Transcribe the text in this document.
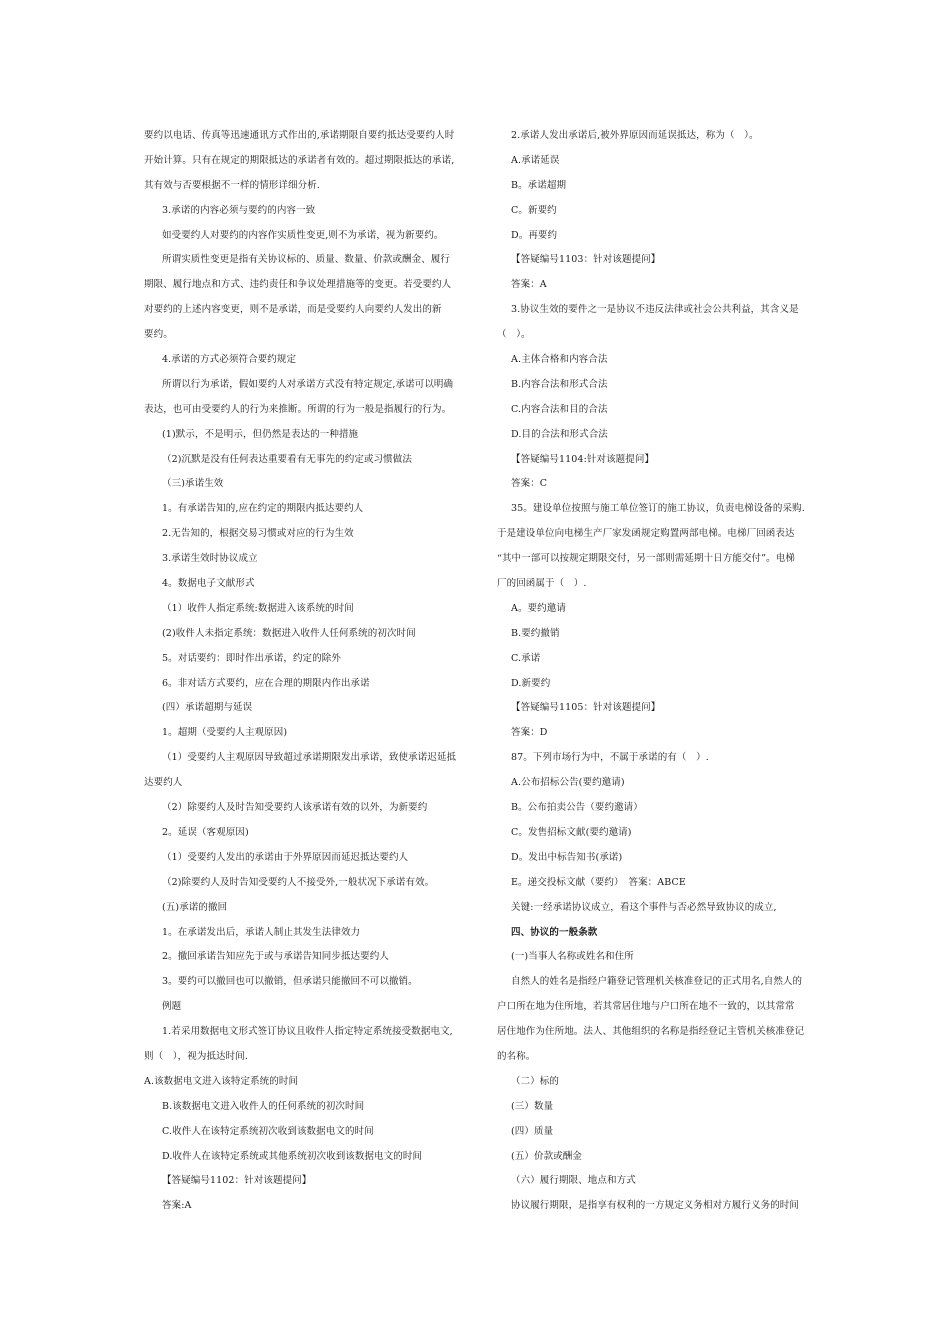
要约以电话、传真等迅速通讯方式作出的,承诺期限自要约抵达受要约人时
开始计算。只有在规定的期限抵达的承诺者有效的。超过期限抵达的承诺,
其有效与否要根据不一样的情形详细分析.
3.承诺的内容必须与要约的内容一致
如受要约人对要约的内容作实质性变更,则不为承诺，视为新要约。
所谓实质性变更是指有关协议标的、质量、数量、价款或酬金、履行
期限、履行地点和方式、违约责任和争议处理措施等的变更。若受要约人
对要约的上述内容变更，则不是承诺，而是受要约人向要约人发出的新
要约。
4.承诺的方式必须符合要约规定
所谓以行为承诺，假如要约人对承诺方式没有特定规定,承诺可以明确
表达，也可由受要约人的行为来推断。所谓的行为一般是指履行的行为。
(1)默示，不是明示，但仍然是表达的一种措施
（2)沉默是没有任何表达重要看有无事先的约定或习惯做法
（三)承诺生效
1。有承诺告知的,应在约定的期限内抵达要约人
2.无告知的，根据交易习惯或对应的行为生效
3.承诺生效时协议成立
4。数据电子文献形式
（1）收件人指定系统:数据进入该系统的时间
(2)收件人未指定系统：数据进入收件人任何系统的初次时间
5。对话要约：即时作出承诺，约定的除外
6。非对话方式要约，应在合理的期限内作出承诺
(四）承诺超期与延误
1。超期（受要约人主观原因)
（1）受要约人主观原因导致超过承诺期限发出承诺，致使承诺迟延抵
达要约人
（2）除要约人及时告知受要约人该承诺有效的以外，为新要约
2。延误（客观原因)
（1）受要约人发出的承诺由于外界原因而延迟抵达要约人
（2)除要约人及时告知受要约人不接受外,一般状况下承诺有效。
(五)承诺的撤回
1。在承诺发出后，承诺人制止其发生法律效力
2。撤回承诺告知应先于或与承诺告知同步抵达要约人
3。要约可以撤回也可以撤销，但承诺只能撤回不可以撤销。
例题
1.若采用数据电文形式签订协议且收件人指定特定系统接受数据电文,
则（　），视为抵达时间.
A.该数据电文进入该特定系统的时间
B.该数据电文进入收件人的任何系统的初次时间
C.收件人在该特定系统初次收到该数据电文的时间
D.收件人在该特定系统或其他系统初次收到该数据电文的时间
【答疑编号1102：针对该题提问】
答案:A
2.承诺人发出承诺后,被外界原因而延误抵达，称为（　）。
A.承诺延误
B。承诺超期
C。新要约
D。再要约
【答疑编号1103：针对该题提问】
答案：A
3.协议生效的要件之一是协议不违反法律或社会公共利益，其含义是
（　）。
A.主体合格和内容合法
B.内容合法和形式合法
C.内容合法和目的合法
D.目的合法和形式合法
【答疑编号1104:针对该题提问】
答案：C
35。建设单位按照与施工单位签订的施工协议，负责电梯设备的采购.
于是建设单位向电梯生产厂家发函规定购置两部电梯。电梯厂回函表达
“其中一部可以按规定期限交付，另一部则需延期十日方能交付”。电梯
厂的回函属于（　）.
A。要约邀请
B.要约撤销
C.承诺
D.新要约
【答疑编号1105：针对该题提问】
答案：D
87。下列市场行为中，不属于承诺的有（　）.
A.公布招标公告(要约邀请)
B。公布拍卖公告（要约邀请）
C。发售招标文献(要约邀请)
D。发出中标告知书(承诺)
E。递交投标文献（要约）　答案：ABCE
关键:一经承诺协议成立，看这个事件与否必然导致协议的成立,
四、协议的一般条款
(一)当事人名称或姓名和住所
自然人的姓名是指经户籍登记管理机关核准登记的正式用名,自然人的
户口所在地为住所地，若其常居住地与户口所在地不一致的，以其常常
居住地作为住所地。法人、其他组织的名称是指经登记主管机关核准登记
的名称。
（二）标的
(三）数量
(四）质量
(五）价款或酬金
（六）履行期限、地点和方式
协议履行期限，是指享有权利的一方规定义务相对方履行义务的时间
